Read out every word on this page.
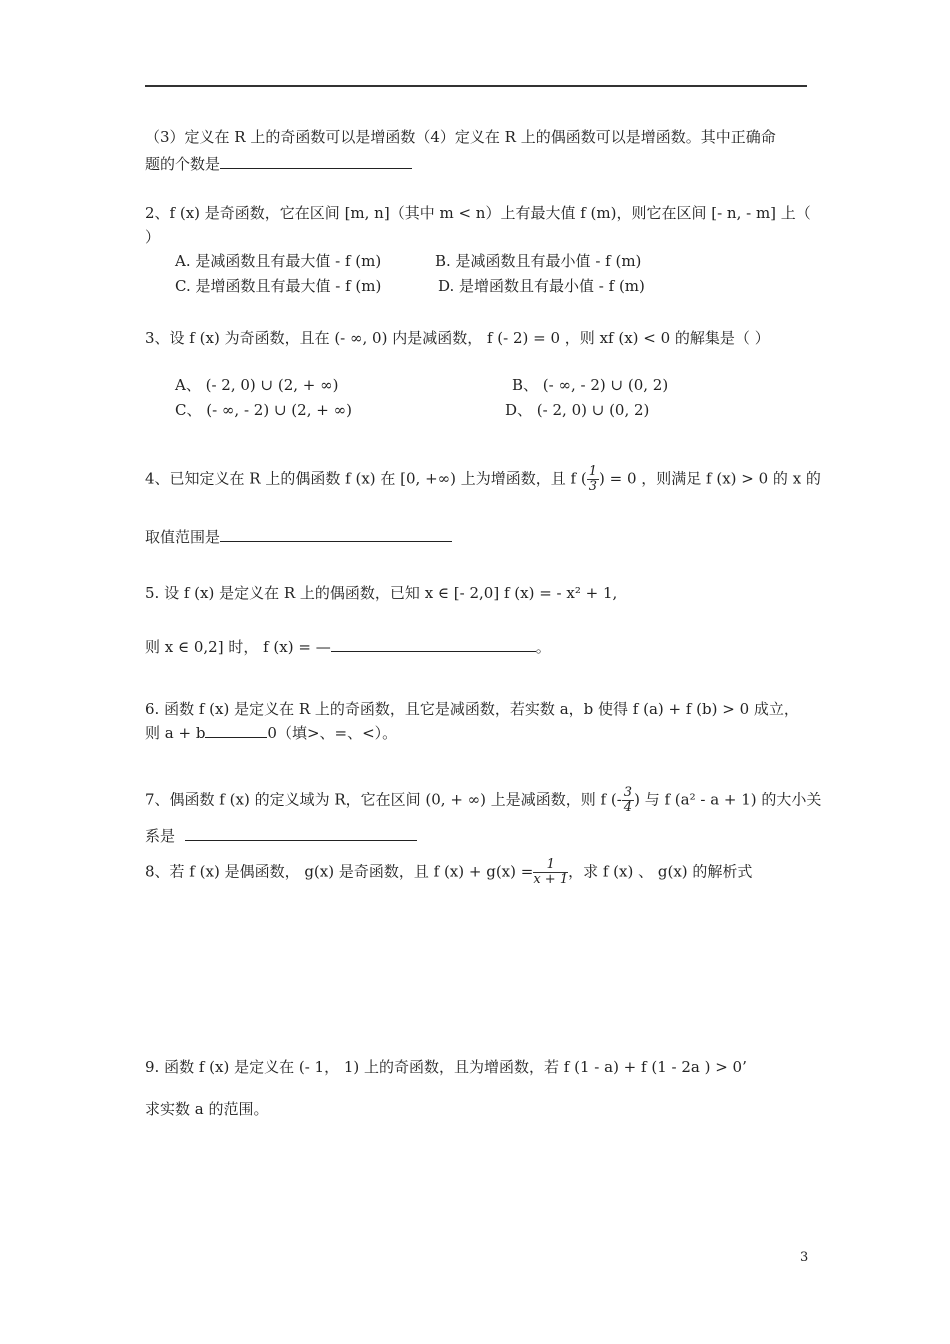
（3）定义在 R 上的奇函数可以是增函数（4）定义在 R 上的偶函数可以是增函数。其中正确命
题的个数是
2、f (x) 是奇函数，它在区间 [m, n]（其中 m < n）上有最大值 f (m)，则它在区间 [- n, - m] 上（
）
A. 是减函数且有最大值 - f (m)	B. 是减函数且有最小值 - f (m)
C. 是增函数且有最大值 - f (m)	D. 是增函数且有最小值 - f (m)
3、设 f (x) 为奇函数，且在 (- ∞, 0) 内是减函数， f (- 2) = 0 ，则 xf (x) < 0 的解集是（ ）
A、 (- 2, 0) ∪ (2, + ∞)	B、 (- ∞, - 2) ∪ (0, 2)
C、 (- ∞, - 2) ∪ (2, + ∞)	D、 (- 2, 0) ∪ (0, 2)
4、已知定义在 R 上的偶函数 f (x) 在 [0, +∞) 上为增函数，且 f ( $\frac{1}{3}$ ) = 0 ，则满足 f (x) > 0 的 x 的
取值范围是
5. 设 f (x) 是定义在 R 上的偶函数，已知 x ∈ [- 2,0] f (x) = - x² + 1,
则 x ∈ 0,2] 时， f (x) = —	。
6. 函数 f (x) 是定义在 R 上的奇函数，且它是减函数，若实数 a，b 使得 f (a) + f (b) > 0 成立，
则 a + b	0（填>、=、<）。
7、偶函数 f (x) 的定义域为 R，它在区间 (0, + ∞) 上是减函数，则 f (- $\frac{3}{4}$ ) 与 f (a² - a + 1) 的大小关
系是
8、若 f (x) 是偶函数， g(x) 是奇函数，且 f $(x) + g(x) = \frac{1}{x + 1}$ ，求 f (x) 、 g(x) 的解析式
9. 函数 f (x) 是定义在 (- 1， 1) 上的奇函数，且为增函数，若 f (1 - a) + f (1 - 2a ) > 0’
求实数 a 的范围。
3
